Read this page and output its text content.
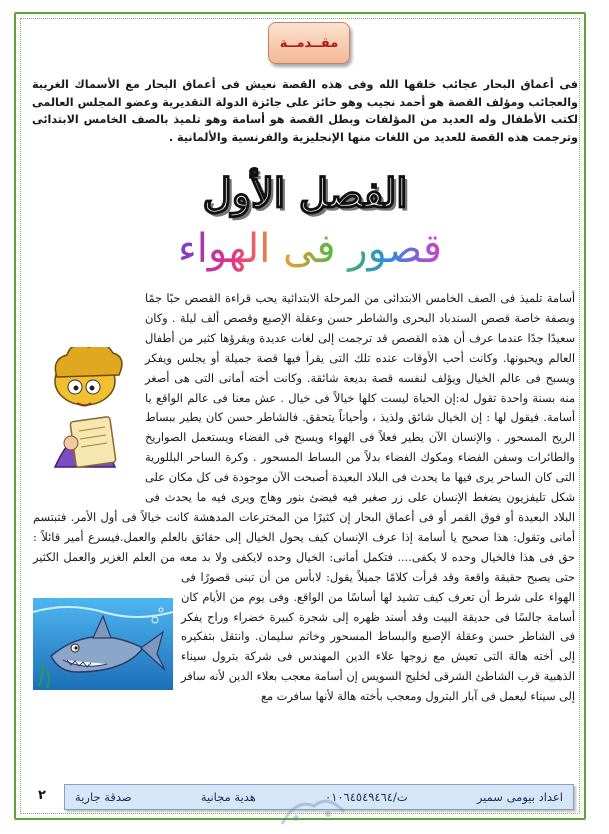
مقــدمــة
فى أعماق البحار عجائب خلقها الله وفى هذه القصة نعيش فى أعماق البحار مع الأسماك الغريبة والعجائب ومؤلف القصة هو أحمد نجيب وهو حائز على جائزة الدولة التقديرية وعضو المجلس العالمى لكتب الأطفال وله العديد من المؤلفات وبطل القصة هو أسامة وهو تلميذ بالصف الخامس الابتدائى وترجمت هذه القصة للعديد من اللغات منها الإنجليزية والفرنسية والألمانية .
الفصل الأول
قصور فى الهواء
أسامة تلميذ فى الصف الخامس الابتدائى من المرحلة الابتدائية يحب قراءة القصص حبًا جمًا وبصفة خاصة قصص السندباد البحرى والشاطر حسن وعقلة الإصبع وقصص ألف ليلة . وكان سعيدًا جدًا عندما عرف أن هذه القصص قد ترجمت إلى لغات عديدة ويقرؤها كثير من أطفال العالم ويحبونها. وكانت أحب الأوقات عنده تلك التى يقرأ فيها قصة جميلة أو يجلس ويفكر ويسبح فى عالم الخيال ويؤلف لنفسه قصة بديعة شائقة. وكانت أخته أمانى التى هى أصغر منه بسنة واحدة تقول له:إن الحياة ليست كلها خيالاً فى خيال . عش معنا فى عالم الواقع يا أسامة. فيقول لها : إن الخيال شائق ولذيذ ، وأحياناً يتحقق. فالشاطر حسن كان يطير ببساط الريح المسحور . والإنسان الآن يطير فعلاً فى الهواء ويسبح فى الفضاء ويستعمل الصواريخ والطائرات وسفن الفضاء ومكوك الفضاء بدلاً من البساط المسحور . وكرة الساحر البللورية التى كان الساحر يرى فيها ما يحدث فى البلاد البعيدة أصبحت الآن موجودة فى كل مكان على شكل تليفزيون يضغط الإنسان على زر صغير فيه فيضئ بنور وهاج ويرى فيه ما يحدث فى البلاد البعيدة أو فوق القمر أو فى أعماق البحار إن كثيرًا من المخترعات المدهشة كانت خيالاً فى أول الأمر. فتبتسم أمانى وتقول: هذا صحيح يا أسامة إذا عرف الإنسان كيف يحول الخيال إلى حقائق بالعلم والعمل.فيسرع أمير قائلاً : حق فى هذا فالخيال وحده لا يكفى.... فتكمل أمانى: الخيال وحده لايكفى ولا بد معه من العلم الغزير
والعمل الكثير حتى يصبح حقيقة واقعة وقد قرأت كلامًا جميلاً يقول: لابأس من أن تبنى قصورًا فى الهواء على شرط أن تعرف كيف تشيد لها أساسًا من الواقع. وفى يوم من الأيام كان أسامة جالسًا فى حديقة البيت وقد أسند ظهره إلى شجرة كبيرة خضراء وراح يفكر فى الشاطر حسن وعقلة الإصبع والبساط المسحور وخاتم سليمان. وانتقل بتفكيره إلى أخته هالة التى تعيش مع زوجها علاء الدين المهندس فى شركة بترول سيناء الذهبية قرب الشاطئ الشرقى لخليج السويس إن أسامة معجب بعلاء الدين لأنه سافر إلى سيناء ليعمل فى آبار البترول ومعجب بأخته هالة لأنها سافرت مع
٢	اعداد بيومى سمير
ت/٠١٠٦٤٥٤٩٤٦٤
هدية مجانية
صدقة جارية
